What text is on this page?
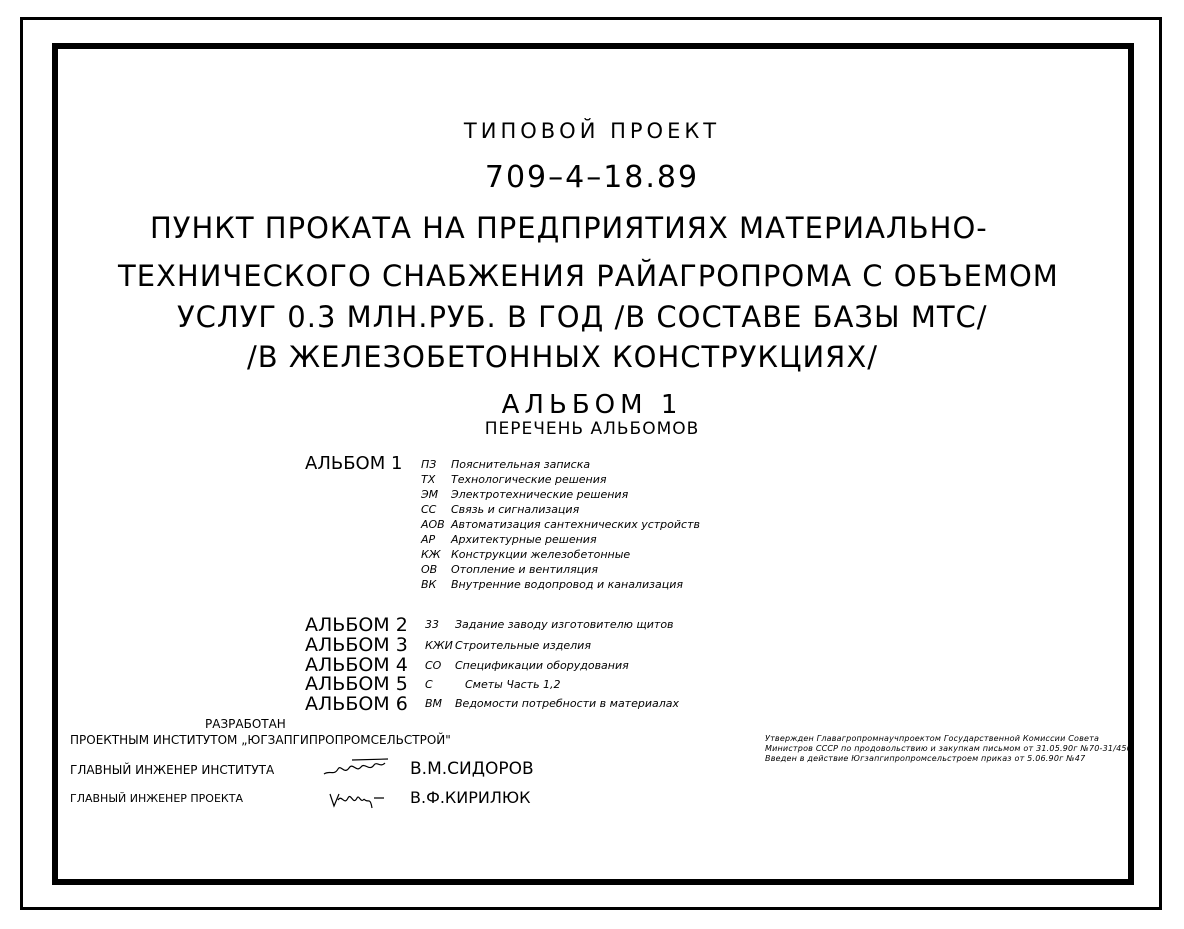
ТИПОВОЙ ПРОЕКТ
709–4–18.89
ПУНКТ ПРОКАТА НА ПРЕДПРИЯТИЯХ МАТЕРИАЛЬНО-
ТЕХНИЧЕСКОГО СНАБЖЕНИЯ РАЙАГРОПРОМА С ОБЪЕМОМ
УСЛУГ 0.3 МЛН.РУБ. В ГОД /В СОСТАВЕ БАЗЫ МТС/
/В ЖЕЛЕЗОБЕТОННЫХ КОНСТРУКЦИЯХ/
АЛЬБОМ 1
ПЕРЕЧЕНЬ АЛЬБОМОВ
АЛЬБОМ 1 ПЗ Пояснительная записка
ТХ Технологические решения
ЭМ Электротехнические решения
СС Связь и сигнализация
АОВ Автоматизация сантехнических устройств
АР Архитектурные решения
КЖ Конструкции железобетонные
ОВ Отопление и вентиляция
ВК Внутренние водопровод и канализация
АЛЬБОМ 2 33 Задание заводу изготовителю щитов
АЛЬБОМ 3 КЖИ Строительные изделия
АЛЬБОМ 4 СО Спецификации оборудования
АЛЬБОМ 5 С	Сметы Часть 1,2
АЛЬБОМ 6 ВМ Ведомости потребности в материалах
РАЗРАБОТАН
ПРОЕКТНЫМ ИНСТИТУТОМ „ЮГЗАПГИПРОПРОМСЕЛЬСТРОЙ"
ГЛАВНЫЙ ИНЖЕНЕР ИНСТИТУТА	В.М.СИДОРОВ
ГЛАВНЫЙ ИНЖЕНЕР ПРОЕКТА	В.Ф.КИРИЛЮК
Утвержден Главагропромнаучпроектом Государственной Комиссии Совета
Министров СССР по продовольствию и закупкам письмом от 31.05.90г №70-31/450
Введен в действие Югзапгипропромсельстроем приказ от 5.06.90г №47
